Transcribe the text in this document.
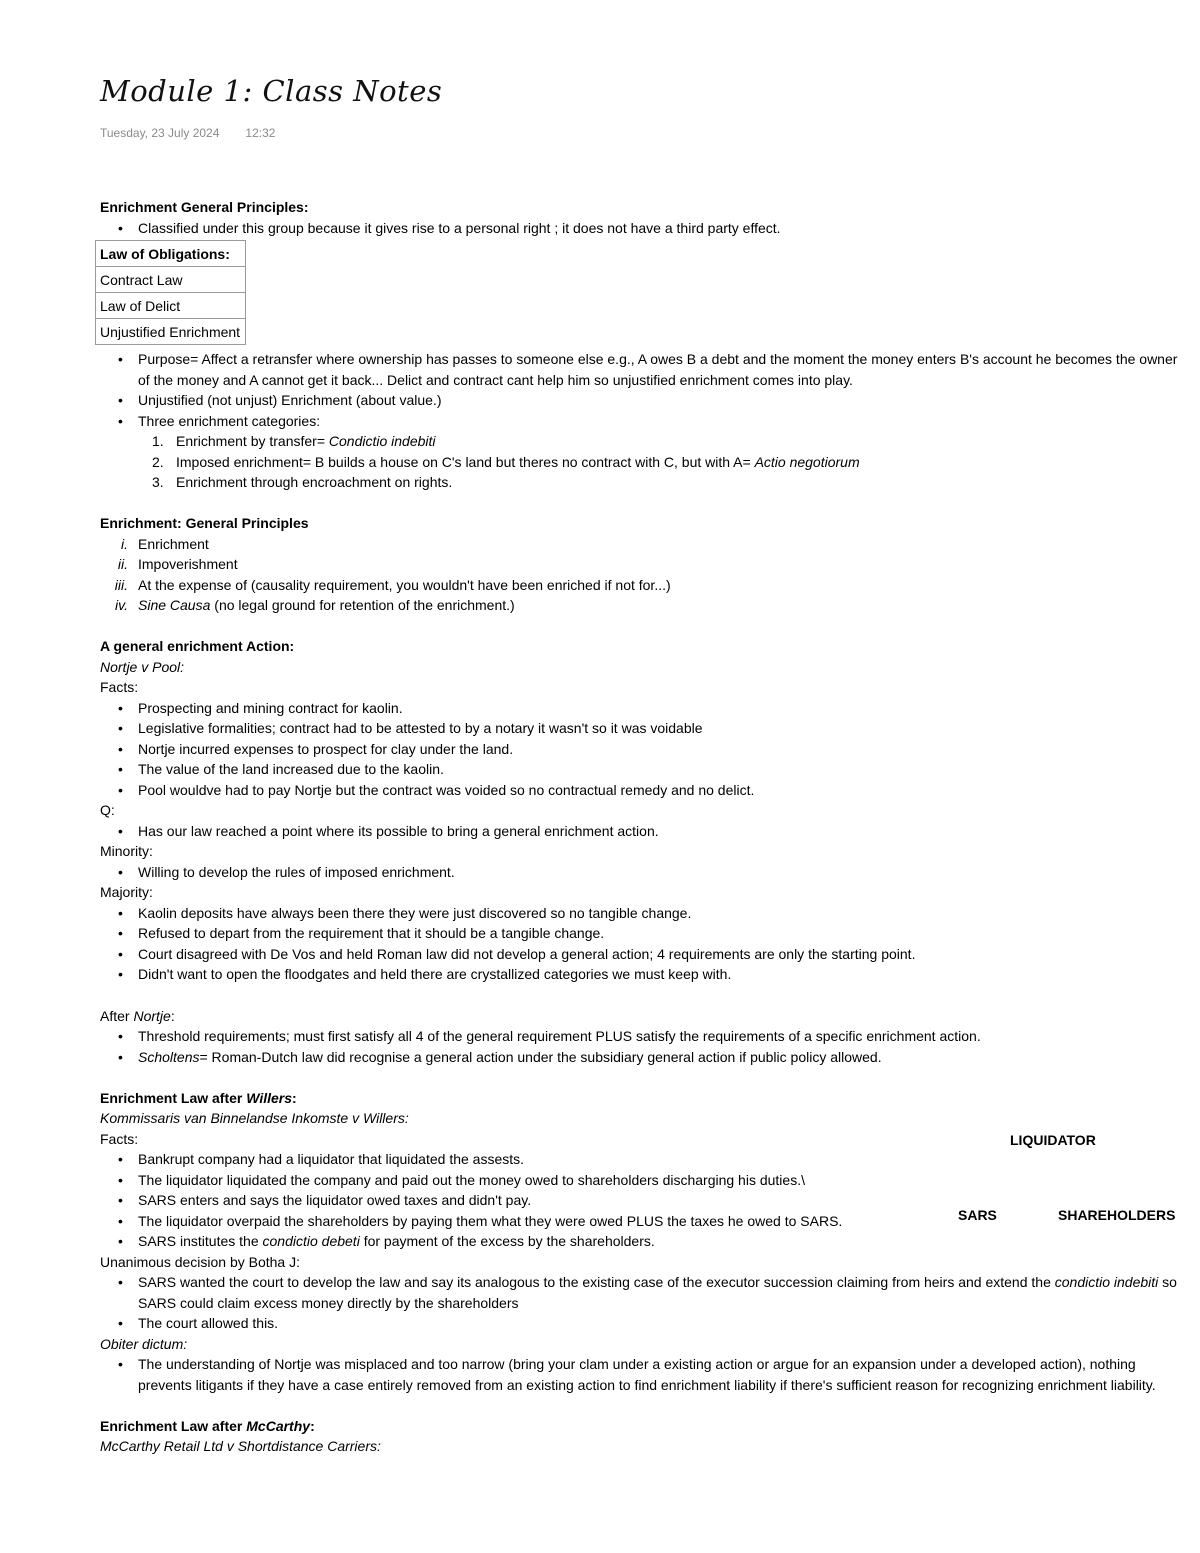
Module 1: Class Notes
Tuesday, 23 July 2024 12:32

Enrichment General Principles:

• Classified under this group because it gives rise to a personal right ; it does not have a third party effect.
Law of Obligations:
Contract Law
Law of Delict
Unjustified Enrichment
• Purpose= Affect a retransfer where ownership has passes to someone else e.g., A owes B a debt and the moment the money enters B's account he becomes the owner of the money and A cannot get it back... Delict and contract cant help him so unjustified enrichment comes into play.
• Unjustified (not unjust) Enrichment (about value.)
• Three enrichment categories:
1. Enrichment by transfer= Condictio indebiti
2. Imposed enrichment= B builds a house on C's land but theres no contract with C, but with A= Actio negotiorum
3. Enrichment through encroachment on rights.

Enrichment: General Principles

i. Enrichment
ii. Impoverishment
iii. At the expense of (causality requirement, you wouldn't have been enriched if not for...)
iv. Sine Causa (no legal ground for retention of the enrichment.)

A general enrichment Action:

Nortje v Pool:

Facts:

• Prospecting and mining contract for kaolin.
• Legislative formalities; contract had to be attested to by a notary it wasn't so it was voidable
• Nortje incurred expenses to prospect for clay under the land.
• The value of the land increased due to the kaolin.
• Pool wouldve had to pay Nortje but the contract was voided so no contractual remedy and no delict.

Q:

• Has our law reached a point where its possible to bring a general enrichment action.

Minority:

• Willing to develop the rules of imposed enrichment.

Majority:

• Kaolin deposits have always been there they were just discovered so no tangible change.
• Refused to depart from the requirement that it should be a tangible change.
• Court disagreed with De Vos and held Roman law did not develop a general action; 4 requirements are only the starting point.
• Didn't want to open the floodgates and held there are crystallized categories we must keep with.

After Nortje:

• Threshold requirements; must first satisfy all 4 of the general requirement PLUS satisfy the requirements of a specific enrichment action.
• Scholtens= Roman-Dutch law did recognise a general action under the subsidiary general action if public policy allowed.

Enrichment Law after Willers:

Kommissaris van Binnelandse Inkomste v Willers:

Facts:

• Bankrupt company had a liquidator that liquidated the assests.
• The liquidator liquidated the company and paid out the money owed to shareholders discharging his duties.\
• SARS enters and says the liquidator owed taxes and didn't pay.
• The liquidator overpaid the shareholders by paying them what they were owed PLUS the taxes he owed to SARS.
• SARS institutes the condictio debeti for payment of the excess by the shareholders.

Unanimous decision by Botha J:

• SARS wanted the court to develop the law and say its analogous to the existing case of the executor succession claiming from heirs and extend the condictio indebiti so SARS could claim excess money directly by the shareholders
• The court allowed this.

Obiter dictum:

• The understanding of Nortje was misplaced and too narrow (bring your clam under a existing action or argue for an expansion under a developed action), nothing prevents litigants if they have a case entirely removed from an existing action to find enrichment liability if there's sufficient reason for recognizing enrichment liability.

Enrichment Law after McCarthy:

McCarthy Retail Ltd v Shortdistance Carriers:

LIQUIDATOR
SARS	SHAREHOLDERS
